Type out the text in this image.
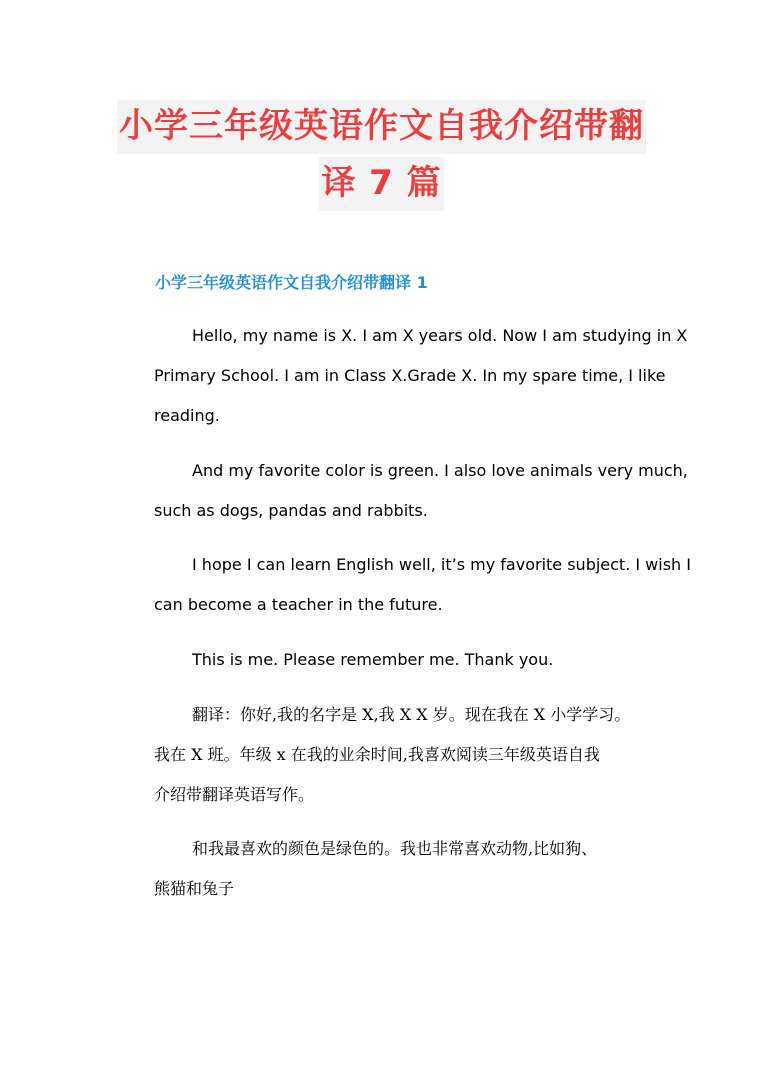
小学三年级英语作文自我介绍带翻
译 7 篇
小学三年级英语作文自我介绍带翻译 1
Hello, my name is X. I am X years old. Now I am studying in X
Primary School. I am in Class X.Grade X. In my spare time, I like
reading.
And my favorite color is green. I also love animals very much,
such as dogs, pandas and rabbits.
I hope I can learn English well, it’s my favorite subject. I wish I
can become a teacher in the future.
This is me. Please remember me. Thank you.
翻译：你好,我的名字是 X,我 X X 岁。现在我在 X 小学学习。
我在 X 班。年级 x 在我的业余时间,我喜欢阅读三年级英语自我
介绍带翻译英语写作。
和我最喜欢的颜色是绿色的。我也非常喜欢动物,比如狗、
熊猫和兔子
